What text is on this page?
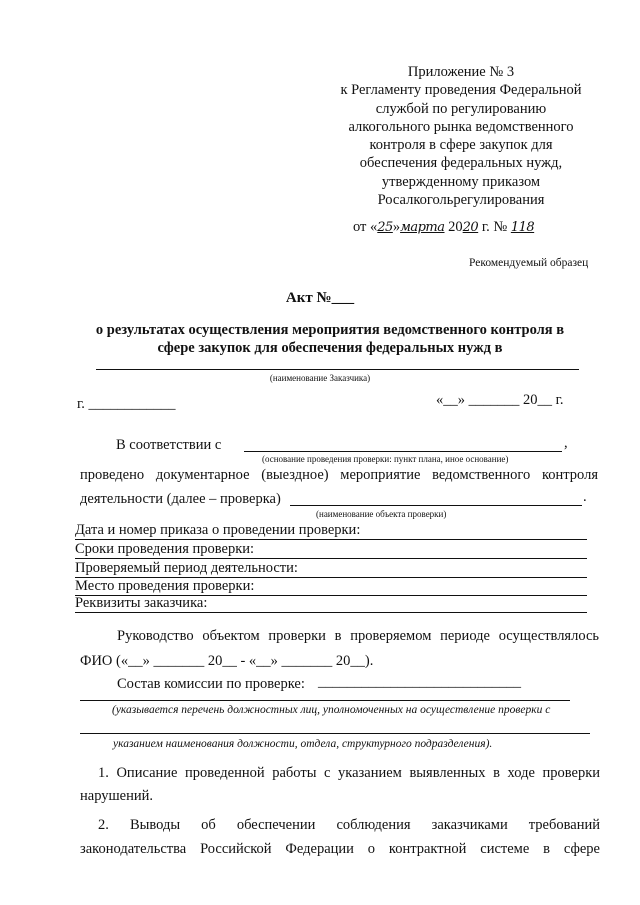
Приложение № 3
к Регламенту проведения Федеральной
службой по регулированию
алкогольного рынка ведомственного
контроля в сфере закупок для
обеспечения федеральных нужд,
утвержденному приказом
Росалкогольрегулирования
от «25»марта 2020 г. № 118
Рекомендуемый образец
Акт №___
о результатах осуществления мероприятия ведомственного контроля в
сфере закупок для обеспечения федеральных нужд в
(наименование Заказчика)
г. ____________	«__» _______ 20__ г.
В соответствии с	,
(основание проведения проверки: пункт плана, иное основание)
проведено документарное (выездное) мероприятие ведомственного контроля
деятельности (далее – проверка)	.
(наименование объекта проверки)
Дата и номер приказа о проведении проверки:
Сроки проведения проверки:
Проверяемый период деятельности:
Место проведения проверки:
Реквизиты заказчика:
Руководство объектом проверки в проверяемом периоде осуществлялось
ФИО («__» _______ 20__ - «__» _______ 20__).
Состав комиссии по проверке: ____________________________
(указывается перечень должностных лиц, уполномоченных на осуществление проверки с
указанием наименования должности, отдела, структурного подразделения).
1. Описание проведенной работы с указанием выявленных в ходе проверки
нарушений.
2. Выводы об обеспечении соблюдения заказчиками требований
законодательства Российской Федерации о контрактной системе в сфере
